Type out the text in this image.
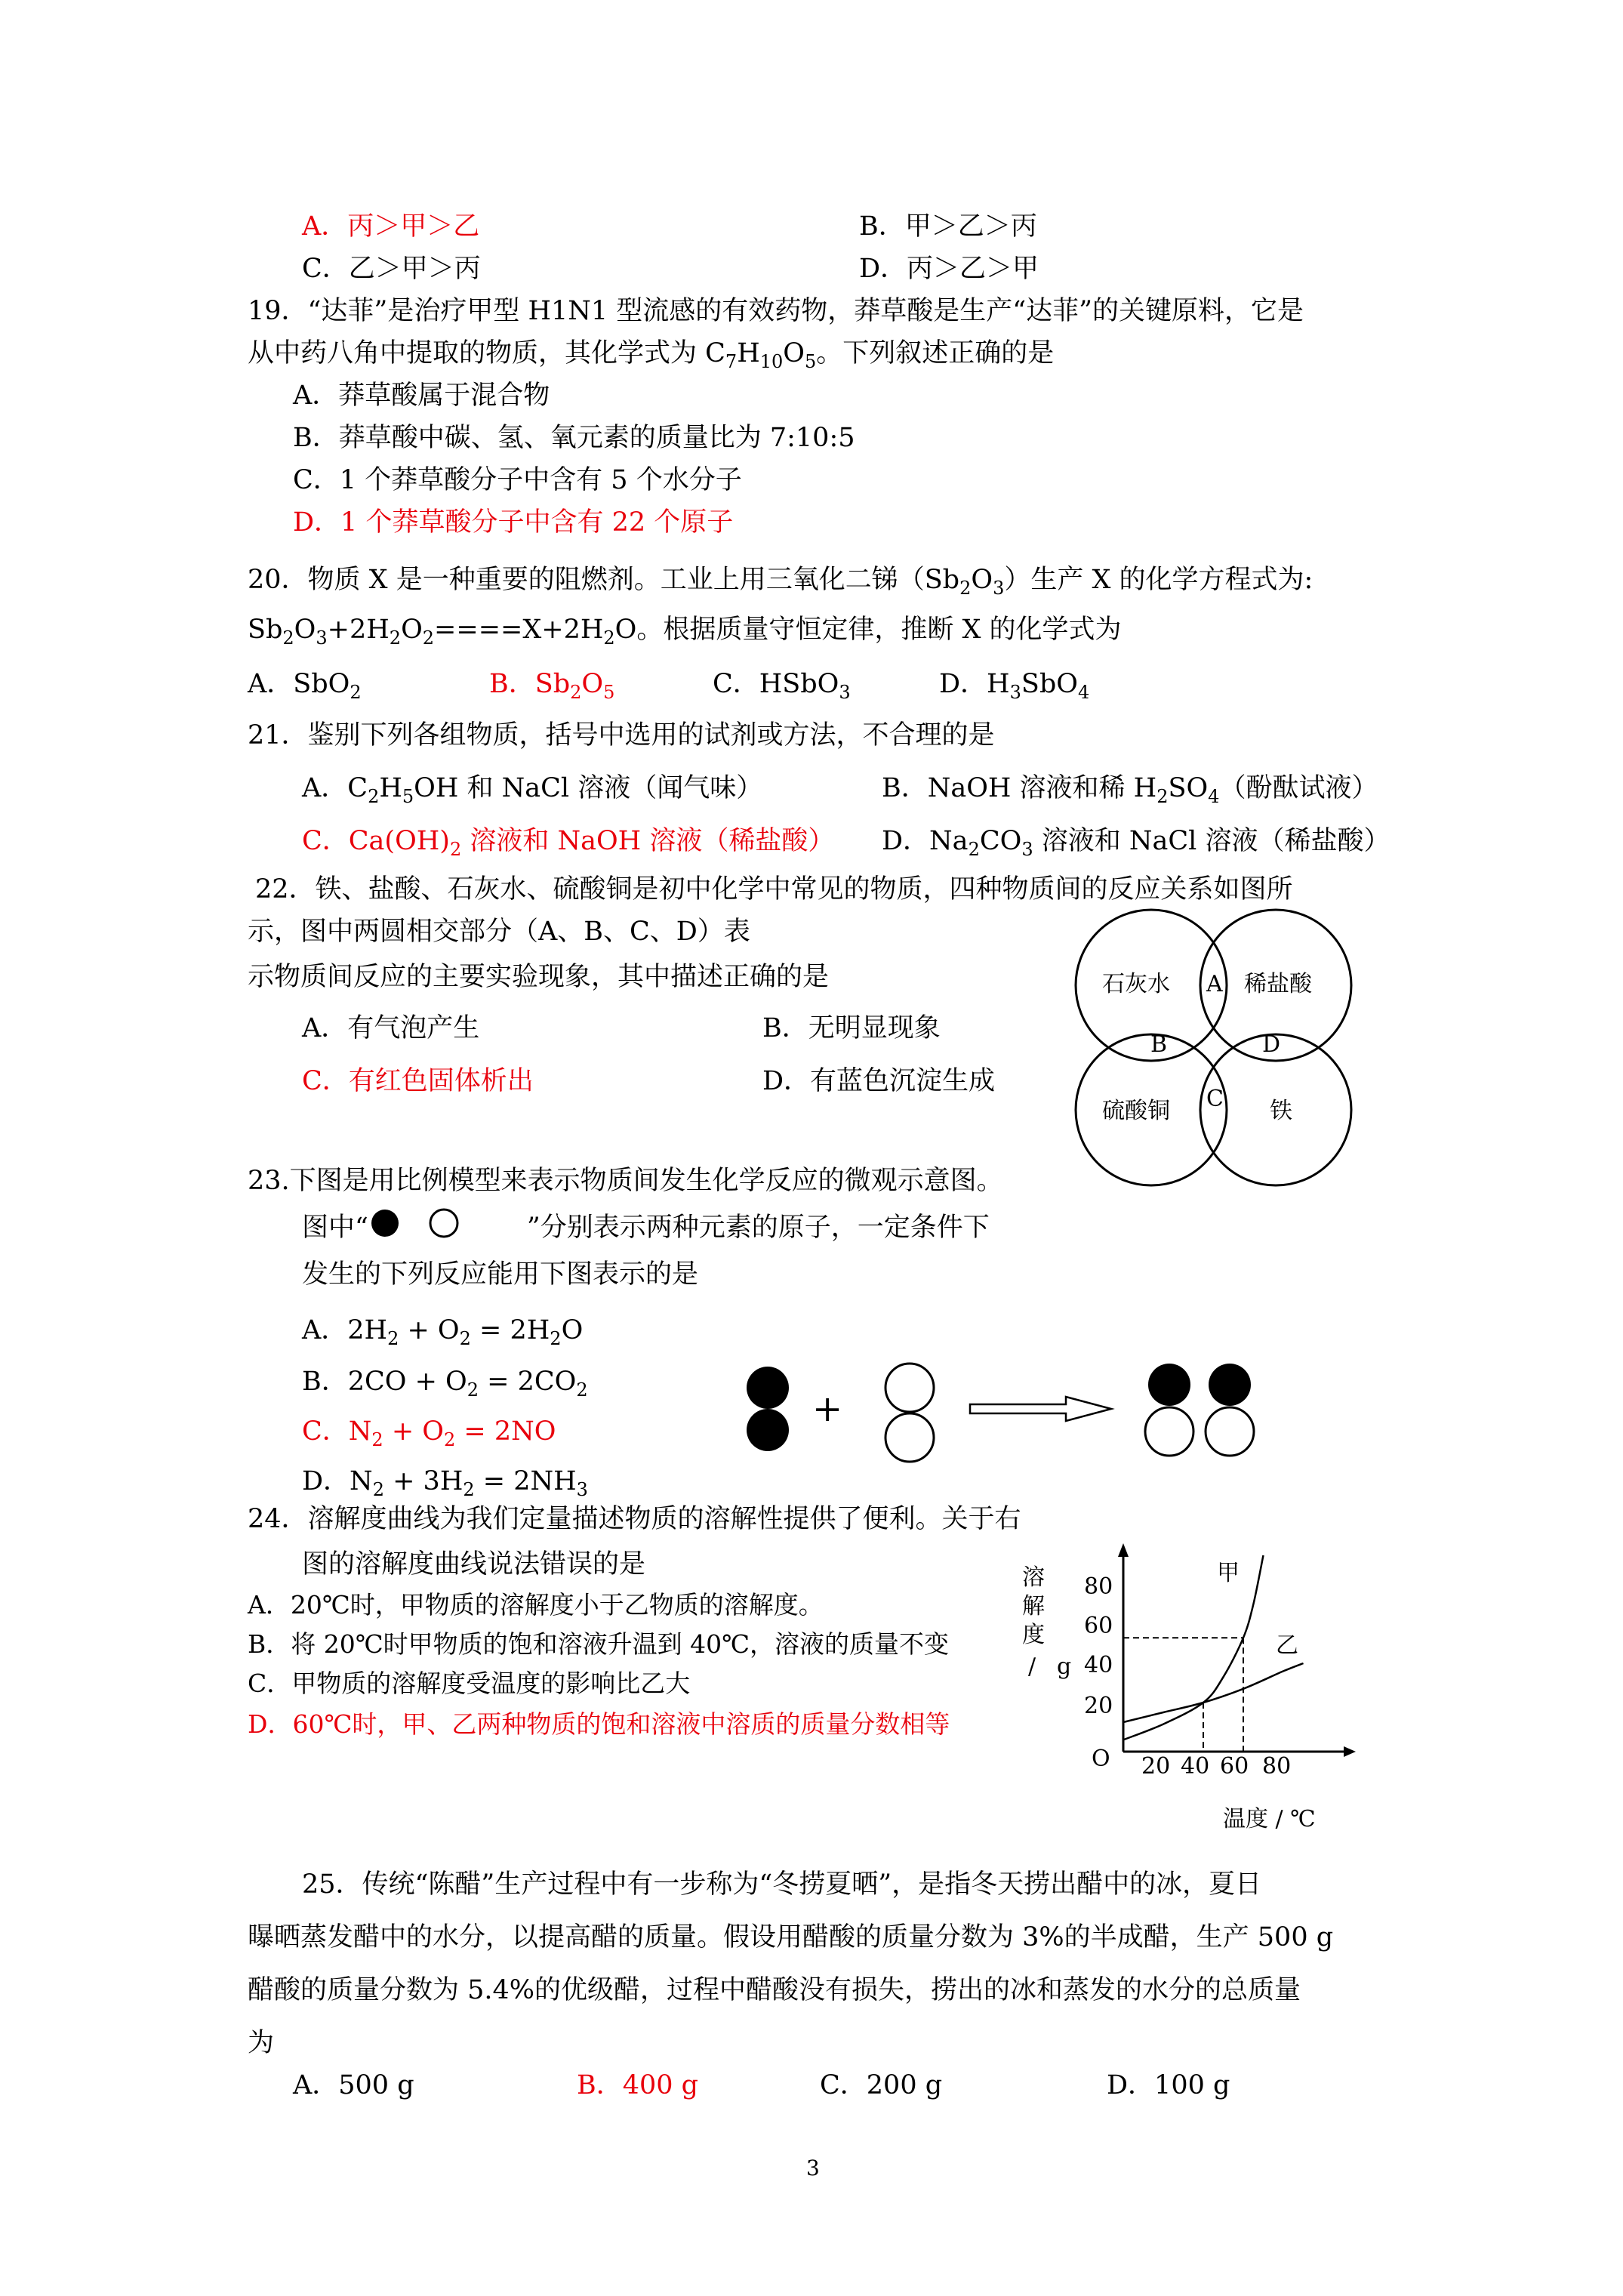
A．丙＞甲＞乙	B．甲＞乙＞丙
C．乙＞甲＞丙	D．丙＞乙＞甲
19．“达菲”是治疗甲型 H1N1 型流感的有效药物，莽草酸是生产“达菲”的关键原料，它是
从中药八角中提取的物质，其化学式为 $C_7H_{10}O_5$。下列叙述正确的是
A．莽草酸属于混合物
B．莽草酸中碳、氢、氧元素的质量比为 7:10:5
C．1 个莽草酸分子中含有 5 个水分子
D．1 个莽草酸分子中含有 22 个原子
20．物质 X 是一种重要的阻燃剂。工业上用三氧化二锑$(Sb_2O_3)$生产 X 的化学方程式为:
$Sb_2O_3+2H_2O_2====X+2H_2O$。根据质量守恒定律，推断 X 的化学式为
A．SbO$_2$	B．$Sb_2O_5$	C．HSbO$_3$	D．$H_3SbO_4$
21．鉴别下列各组物质，括号中选用的试剂或方法，不合理的是
A．$C_2H_5OH$ 和 NaCl 溶液（闻气味）	B．NaOH 溶液和稀 $H_2SO_4$（酚酞试液）
C．$Ca(OH)_2$ 溶液和 NaOH 溶液（稀盐酸） D．$Na_2CO_3$ 溶液和 NaCl 溶液（稀盐酸）
22．铁、盐酸、石灰水、硫酸铜是初中化学中常见的物质，四种物质间的反应关系如图所
示，图中两圆相交部分（A、B、C、D）表
示物质间反应的主要实验现象，其中描述正确的是
A．有气泡产生	B．无明显现象
C．有红色固体析出	D．有蓝色沉淀生成
石灰水	稀盐酸
硫酸铜	铁
A
B
C
D
23.下图是用比例模型来表示物质间发生化学反应的微观示意图。
图中“	”分别表示两种元素的原子，一定条件下
发生的下列反应能用下图表示的是
A．$2H_2 + O_2 = 2H_2O$
B．$2CO + O_2 = 2CO_2$
C．$N_2 + O_2 = 2NO$
D．$N_2 + 3H_2 = 2NH_3$
+
24．溶解度曲线为我们定量描述物质的溶解性提供了便利。关于右
图的溶解度曲线说法错误的是
A．20℃时，甲物质的溶解度小于乙物质的溶解度。
B．将 20℃时甲物质的饱和溶液升温到 40℃，溶液的质量不变
C．甲物质的溶解度受温度的影响比乙大
D．60℃时，甲、乙两种物质的饱和溶液中溶质的质量分数相等
溶
解
度
/ g
80
60
40
20
O 20 40 60 80
温度 / ℃
甲
乙
25．传统“陈醋”生产过程中有一步称为“冬捞夏晒”，是指冬天捞出醋中的冰，夏日
曝晒蒸发醋中的水分，以提高醋的质量。假设用醋酸的质量分数为 3%的半成醋，生产 500 g
醋酸的质量分数为 5.4%的优级醋，过程中醋酸没有损失，捞出的冰和蒸发的水分的总质量
为
A．500 g	B．400 g	C．200 g	D．100 g
3
